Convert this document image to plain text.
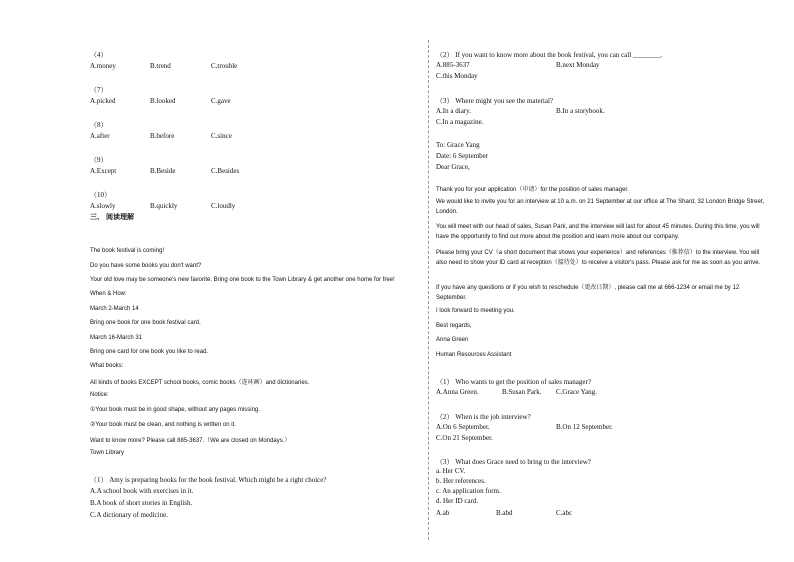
（4）
A.money	B.trend	C.trouble
（7）
A.picked	B.looked	C.gave
（8）
A.after	B.before	C.since
（9）
A.Except	B.Beside	C.Besides
（10）
A.slowly	B.quickly	C.loudly
三、 阅读理解
The book festival is coming!
Do you have some books you don't want?
Your old love may be someone's new favorite. Bring one book to the Town Library & get another one home for free!
When & How:
March 2-March 14
Bring one book for one book festival card.
March 16-March 31
Bring one card for one book you like to read.
What books:
All kinds of books EXCEPT school books, comic books（连环画）and dictionaries.
Notice:
①Your book must be in good shape, without any pages missing.
②Your book must be clean, and nothing is written on it.
Want to know more? Please call 885-3637.（We are closed on Mondays.）
Town Library
（1） Amy is preparing books for the book festival. Which might be a right choice?
A.A school book with exercises in it.
B.A book of short stories in English.
C.A dictionary of medicine.
（2） If you want to know more about the book festival, you can call ________.
A.885-3637	B.next Monday
C.this Monday
（3） Where might you see the material?
A.In a diary.	B.In a storybook.
C.In a magazine.
To: Grace Yang
Date: 6 September
Dear Grace,
Thank you for your application（申请）for the position of sales manager.
We would like to invite you for an interview at 10 a.m. on 21 September at our office at The Shard, 32 London Bridge Street, London.
You will meet with our head of sales, Susan Park, and the interview will last for about 45 minutes. During this time, you will have the opportunity to find out more about the position and learn more about our company.
Please bring your CV（a short document that shows your experience）and references（推荐信）to the interview. You will also need to show your ID card at reception（接待处）to receive a visitor's pass. Please ask for me as soon as you arrive.
If you have any questions or if you wish to reschedule（更改日期）, please call me at 666-1234 or email me by 12 September.
I look forward to meeting you.
Best regards,
Anna Green
Human Resources Assistant
（1） Who wants to get the position of sales manager?
A.Anna Green.	B.Susan Park. C.Grace Yang.
（2） When is the job interview?
A.On 6 September.	B.On 12 September.
C.On 21 September.
（3） What does Grace need to bring to the interview?
a. Her CV.
b. Her references.
c. An application form.
d. Her ID card.
A.ab	B.abd	C.abc
